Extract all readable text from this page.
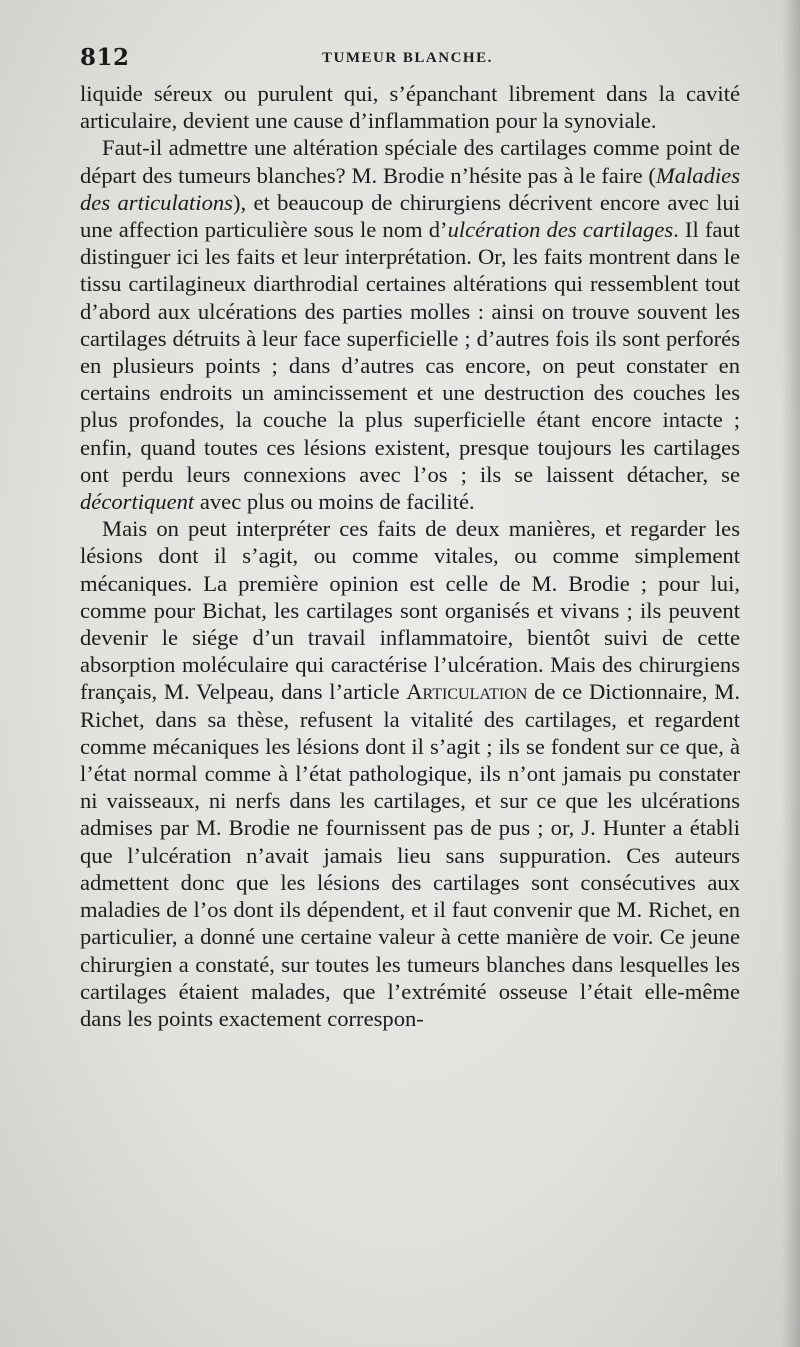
812	TUMEUR BLANCHE.

liquide séreux ou purulent qui, s’épanchant librement dans la cavité articulaire, devient une cause d’inflammation pour la synoviale.

Faut-il admettre une altération spéciale des cartilages comme point de départ des tumeurs blanches? M. Brodie n’hésite pas à le faire (Maladies des articulations), et beaucoup de chirurgiens décrivent encore avec lui une affection particulière sous le nom d’ulcération des cartilages. Il faut distinguer ici les faits et leur interprétation. Or, les faits montrent dans le tissu cartilagineux diarthrodial certaines altérations qui ressemblent tout d’abord aux ulcérations des parties molles : ainsi on trouve souvent les cartilages détruits à leur face superficielle ; d’autres fois ils sont perforés en plusieurs points ; dans d’autres cas encore, on peut constater en certains endroits un amincissement et une destruction des couches les plus profondes, la couche la plus superficielle étant encore intacte ; enfin, quand toutes ces lésions existent, presque toujours les cartilages ont perdu leurs connexions avec l’os ; ils se laissent détacher, se décortiquent avec plus ou moins de facilité.

Mais on peut interpréter ces faits de deux manières, et regarder les lésions dont il s’agit, ou comme vitales, ou comme simplement mécaniques. La première opinion est celle de M. Brodie ; pour lui, comme pour Bichat, les cartilages sont organisés et vivans ; ils peuvent devenir le siége d’un travail inflammatoire, bientôt suivi de cette absorption moléculaire qui caractérise l’ulcération. Mais des chirurgiens français, M. Velpeau, dans l’article Articulation de ce Dictionnaire, M. Richet, dans sa thèse, refusent la vitalité des cartilages, et regardent comme mécaniques les lésions dont il s’agit ; ils se fondent sur ce que, à l’état normal comme à l’état pathologique, ils n’ont jamais pu constater ni vaisseaux, ni nerfs dans les cartilages, et sur ce que les ulcérations admises par M. Brodie ne fournissent pas de pus ; or, J. Hunter a établi que l’ulcération n’avait jamais lieu sans suppuration. Ces auteurs admettent donc que les lésions des cartilages sont consécutives aux maladies de l’os dont ils dépendent, et il faut convenir que M. Richet, en particulier, a donné une certaine valeur à cette manière de voir. Ce jeune chirurgien a constaté, sur toutes les tumeurs blanches dans lesquelles les cartilages étaient malades, que l’extrémité osseuse l’était elle-même dans les points exactement correspon-
